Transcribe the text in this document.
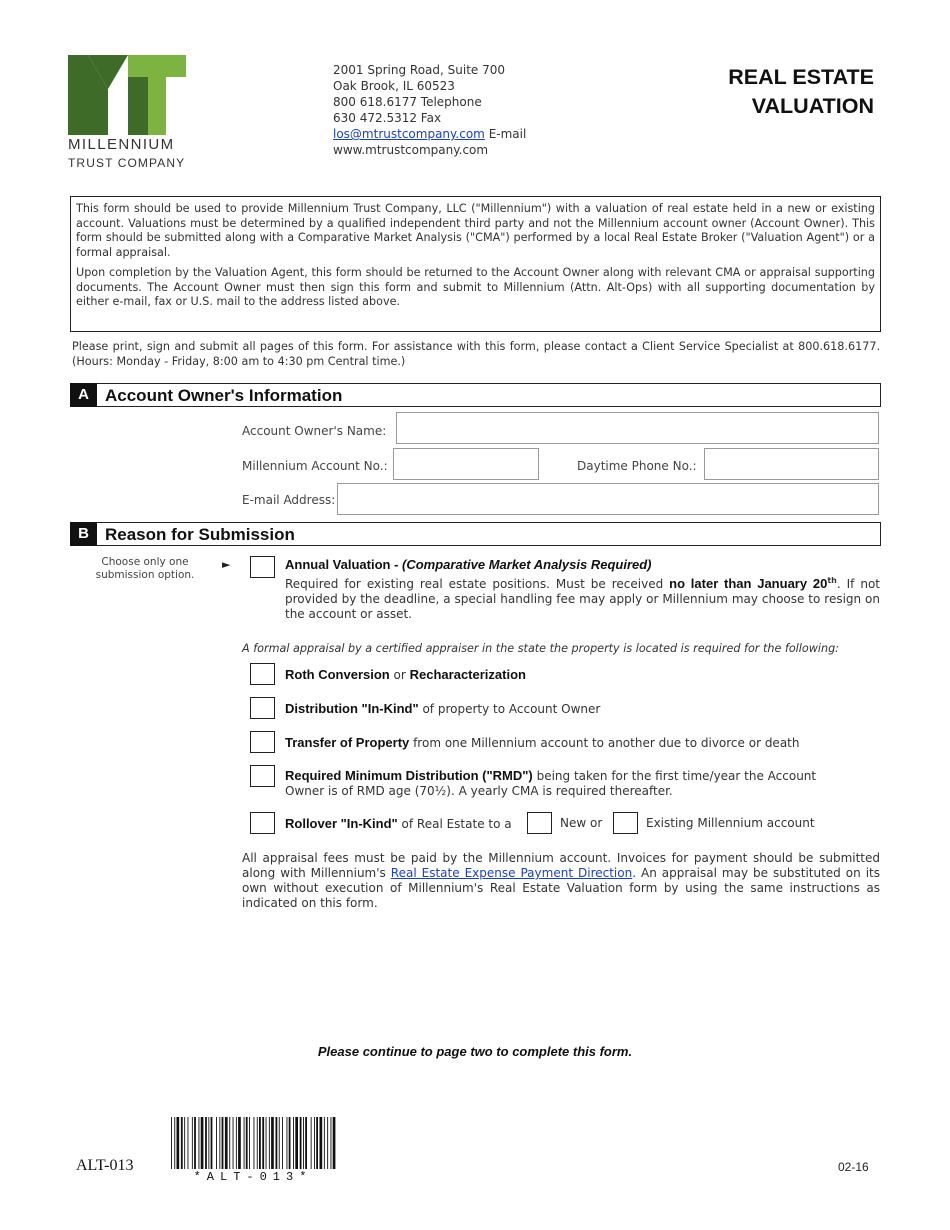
MILLENNIUM
TRUST COMPANY
2001 Spring Road, Suite 700
Oak Brook, IL 60523
800 618.6177 Telephone
630 472.5312 Fax
los@mtrustcompany.com E-mail
www.mtrustcompany.com
REAL ESTATE
VALUATION

This form should be used to provide Millennium Trust Company, LLC ("Millennium") with a valuation of real estate held in a new or existing account. Valuations must be determined by a qualified independent third party and not the Millennium account owner (Account Owner). This form should be submitted along with a Comparative Market Analysis ("CMA") performed by a local Real Estate Broker ("Valuation Agent") or a formal appraisal.

Upon completion by the Valuation Agent, this form should be returned to the Account Owner along with relevant CMA or appraisal supporting documents. The Account Owner must then sign this form and submit to Millennium (Attn. Alt-Ops) with all supporting documentation by either e-mail, fax or U.S. mail to the address listed above.

Please print, sign and submit all pages of this form. For assistance with this form, please contact a Client Service Specialist at 800.618.6177. (Hours: Monday - Friday, 8:00 am to 4:30 pm Central time.)
A Account Owner's Information
Account Owner's Name:
Millennium Account No.:	Daytime Phone No.:
E-mail Address:
B Reason for Submission
Choose only one
submission option.
►	Annual Valuation - (Comparative Market Analysis Required)
Required for existing real estate positions. Must be received no later than January 20th. If not provided by the deadline, a special handling fee may apply or Millennium may choose to resign on the account or asset.
A formal appraisal by a certified appraiser in the state the property is located is required for the following:
Roth Conversion or Recharacterization
Distribution "In-Kind" of property to Account Owner
Transfer of Property from one Millennium account to another due to divorce or death
Required Minimum Distribution ("RMD") being taken for the first time/year the Account Owner is of RMD age (70½). A yearly CMA is required thereafter.
Rollover "In-Kind" of Real Estate to a	New or	Existing Millennium account
All appraisal fees must be paid by the Millennium account. Invoices for payment should be submitted along with Millennium's Real Estate Expense Payment Direction. An appraisal may be substituted on its own without execution of Millennium's Real Estate Valuation form by using the same instructions as indicated on this form.
Please continue to page two to complete this form.
ALT-013
*ALT-013*
02-16
